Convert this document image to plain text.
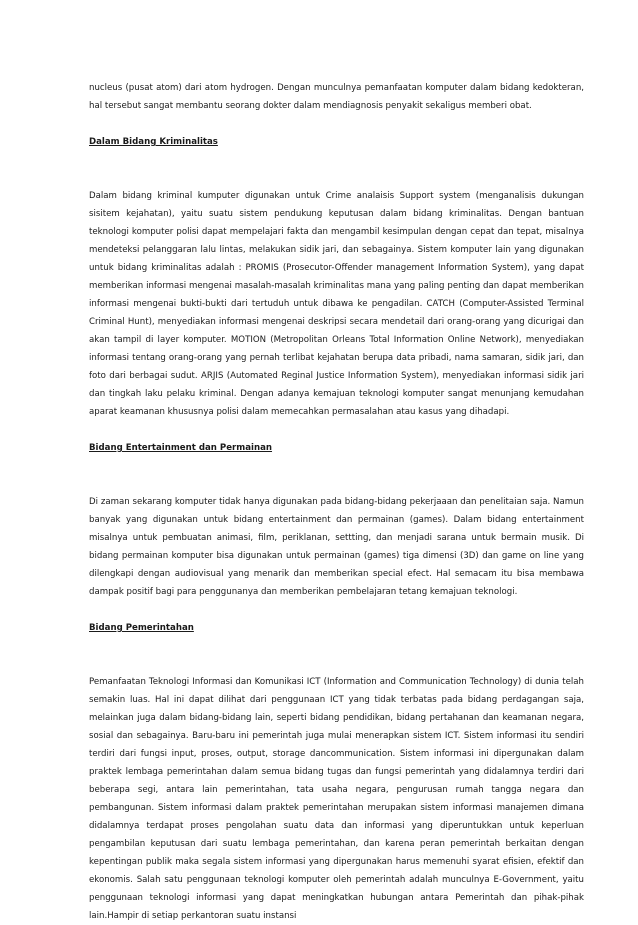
nucleus (pusat atom) dari atom hydrogen. Dengan munculnya pemanfaatan komputer dalam bidang kedokteran, hal tersebut sangat membantu seorang dokter dalam mendiagnosis penyakit sekaligus memberi obat.

Dalam Bidang Kriminalitas

Dalam bidang kriminal kumputer digunakan untuk Crime analaisis Support system (menganalisis dukungan sisitem kejahatan), yaitu suatu sistem pendukung keputusan dalam bidang kriminalitas. Dengan bantuan teknologi komputer polisi dapat mempelajari fakta dan mengambil kesimpulan dengan cepat dan tepat, misalnya mendeteksi pelanggaran lalu lintas, melakukan sidik jari, dan sebagainya. Sistem komputer lain yang digunakan untuk bidang kriminalitas adalah : PROMIS (Prosecutor-Offender management Information System), yang dapat memberikan informasi mengenai masalah-masalah kriminalitas mana yang paling penting dan dapat memberikan informasi mengenai bukti-bukti dari tertuduh untuk dibawa ke pengadilan. CATCH (Computer-Assisted Terminal Criminal Hunt), menyediakan informasi mengenai deskripsi secara mendetail dari orang-orang yang dicurigai dan akan tampil di layer komputer. MOTION (Metropolitan Orleans Total Information Online Network), menyediakan informasi tentang orang-orang yang pernah terlibat kejahatan berupa data pribadi, nama samaran, sidik jari, dan foto dari berbagai sudut. ARJIS (Automated Reginal Justice Information System), menyediakan informasi sidik jari dan tingkah laku pelaku kriminal. Dengan adanya kemajuan teknologi komputer sangat menunjang kemudahan aparat keamanan khususnya polisi dalam memecahkan permasalahan atau kasus yang dihadapi.

Bidang Entertainment dan Permainan

Di zaman sekarang komputer tidak hanya digunakan pada bidang-bidang pekerjaaan dan penelitaian saja. Namun banyak yang digunakan untuk bidang entertainment dan permainan (games). Dalam bidang entertainment misalnya untuk pembuatan animasi, film, periklanan, settting, dan menjadi sarana untuk bermain musik. Di bidang permainan komputer bisa digunakan untuk permainan (games) tiga dimensi (3D) dan game on line yang dilengkapi dengan audiovisual yang menarik dan memberikan special efect. Hal semacam itu bisa membawa dampak positif bagi para penggunanya dan memberikan pembelajaran tetang kemajuan teknologi.

Bidang Pemerintahan

Pemanfaatan Teknologi Informasi dan Komunikasi ICT (Information and Communication Technology) di dunia telah semakin luas. Hal ini dapat dilihat dari penggunaan ICT yang tidak terbatas pada bidang perdagangan saja, melainkan juga dalam bidang-bidang lain, seperti bidang pendidikan, bidang pertahanan dan keamanan negara, sosial dan sebagainya. Baru-baru ini pemerintah juga mulai menerapkan sistem ICT. Sistem informasi itu sendiri terdiri dari fungsi input, proses, output, storage dancommunication. Sistem informasi ini dipergunakan dalam praktek lembaga pemerintahan dalam semua bidang tugas dan fungsi pemerintah yang didalamnya terdiri dari beberapa segi, antara lain pemerintahan, tata usaha negara, pengurusan rumah tangga negara dan pembangunan. Sistem informasi dalam praktek pemerintahan merupakan sistem informasi manajemen dimana didalamnya terdapat proses pengolahan suatu data dan informasi yang diperuntukkan untuk keperluan pengambilan keputusan dari suatu lembaga pemerintahan, dan karena peran pemerintah berkaitan dengan kepentingan publik maka segala sistem informasi yang dipergunakan harus memenuhi syarat efisien, efektif dan ekonomis. Salah satu penggunaan teknologi komputer oleh pemerintah adalah munculnya E-Government, yaitu penggunaan teknologi informasi yang dapat meningkatkan hubungan antara Pemerintah dan pihak-pihak lain.Hampir di setiap perkantoran suatu instansi
